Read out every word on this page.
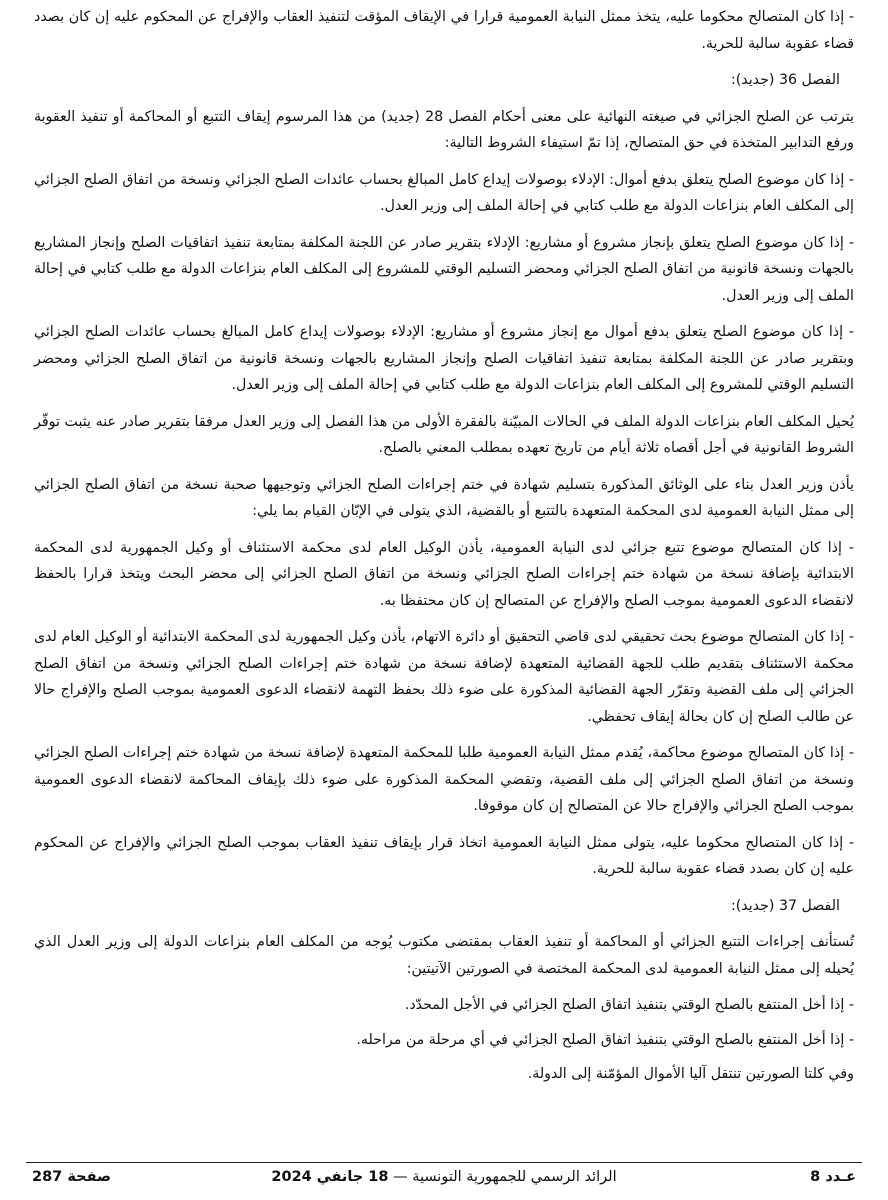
- إذا كان المتصالح محكوما عليه، يتخذ ممثل النيابة العمومية قرارا في الإيقاف المؤقت لتنفيذ العقاب والإفراج عن المحكوم عليه إن كان بصدد قضاء عقوبة سالبة للحرية.

الفصل 36 (جديد):

يترتب عن الصلح الجزائي في صيغته النهائية على معنى أحكام الفصل 28 (جديد) من هذا المرسوم إيقاف التتبع أو المحاكمة أو تنفيذ العقوبة ورفع التدابير المتخذة في حق المتصالح، إذا تمّ استيفاء الشروط التالية:

- إذا كان موضوع الصلح يتعلق بدفع أموال: الإدلاء بوصولات إيداع كامل المبالغ بحساب عائدات الصلح الجزائي ونسخة من اتفاق الصلح الجزائي إلى المكلف العام بنزاعات الدولة مع طلب كتابي في إحالة الملف إلى وزير العدل.

- إذا كان موضوع الصلح يتعلق بإنجاز مشروع أو مشاريع: الإدلاء بتقرير صادر عن اللجنة المكلفة بمتابعة تنفيذ اتفاقيات الصلح وإنجاز المشاريع بالجهات ونسخة قانونية من اتفاق الصلح الجزائي ومحضر التسليم الوقتي للمشروع إلى المكلف العام بنزاعات الدولة مع طلب كتابي في إحالة الملف إلى وزير العدل.

- إذا كان موضوع الصلح يتعلق بدفع أموال مع إنجاز مشروع أو مشاريع: الإدلاء بوصولات إيداع كامل المبالغ بحساب عائدات الصلح الجزائي وبتقرير صادر عن اللجنة المكلفة بمتابعة تنفيذ اتفاقيات الصلح وإنجاز المشاريع بالجهات ونسخة قانونية من اتفاق الصلح الجزائي ومحضر التسليم الوقتي للمشروع إلى المكلف العام بنزاعات الدولة مع طلب كتابي في إحالة الملف إلى وزير العدل.

يُحيل المكلف العام بنزاعات الدولة الملف في الحالات المبيّنة بالفقرة الأولى من هذا الفصل إلى وزير العدل مرفقا بتقرير صادر عنه يثبت توفّر الشروط القانونية في أجل أقصاه ثلاثة أيام من تاريخ تعهده بمطلب المعني بالصلح.

يأذن وزير العدل بناء على الوثائق المذكورة بتسليم شهادة في ختم إجراءات الصلح الجزائي وتوجيهها صحبة نسخة من اتفاق الصلح الجزائي إلى ممثل النيابة العمومية لدى المحكمة المتعهدة بالتتبع أو بالقضية، الذي يتولى في الإبّان القيام بما يلي:

- إذا كان المتصالح موضوع تتبع جزائي لدى النيابة العمومية، يأذن الوكيل العام لدى محكمة الاستئناف أو وكيل الجمهورية لدى المحكمة الابتدائية بإضافة نسخة من شهادة ختم إجراءات الصلح الجزائي ونسخة من اتفاق الصلح الجزائي إلى محضر البحث ويتخذ قرارا بالحفظ لانقضاء الدعوى العمومية بموجب الصلح والإفراج عن المتصالح إن كان محتفظا به.

- إذا كان المتصالح موضوع بحث تحقيقي لدى قاضي التحقيق أو دائرة الاتهام، يأذن وكيل الجمهورية لدى المحكمة الابتدائية أو الوكيل العام لدى محكمة الاستئناف بتقديم طلب للجهة القضائية المتعهدة لإضافة نسخة من شهادة ختم إجراءات الصلح الجزائي ونسخة من اتفاق الصلح الجزائي إلى ملف القضية وتقرّر الجهة القضائية المذكورة على ضوء ذلك بحفظ التهمة لانقضاء الدعوى العمومية بموجب الصلح والإفراج حالا عن طالب الصلح إن كان بحالة إيقاف تحفظي.

- إذا كان المتصالح موضوع محاكمة، يُقدم ممثل النيابة العمومية طلبا للمحكمة المتعهدة لإضافة نسخة من شهادة ختم إجراءات الصلح الجزائي ونسخة من اتفاق الصلح الجزائي إلى ملف القضية، وتقضي المحكمة المذكورة على ضوء ذلك بإيقاف المحاكمة لانقضاء الدعوى العمومية بموجب الصلح الجزائي والإفراج حالا عن المتصالح إن كان موقوفا.

- إذا كان المتصالح محكوما عليه، يتولى ممثل النيابة العمومية اتخاذ قرار بإيقاف تنفيذ العقاب بموجب الصلح الجزائي والإفراج عن المحكوم عليه إن كان بصدد قضاء عقوبة سالبة للحرية.

الفصل 37 (جديد):

تُستأنف إجراءات التتبع الجزائي أو المحاكمة أو تنفيذ العقاب بمقتضى مكتوب يُوجه من المكلف العام بنزاعات الدولة إلى وزير العدل الذي يُحيله إلى ممثل النيابة العمومية لدى المحكمة المختصة في الصورتين الآتيتين:

- إذا أخل المنتفع بالصلح الوقتي بتنفيذ اتفاق الصلح الجزائي في الأجل المحدّد.

- إذا أخل المنتفع بالصلح الوقتي بتنفيذ اتفاق الصلح الجزائي في أي مرحلة من مراحله.

وفي كلتا الصورتين تنتقل آليا الأموال المؤمّنة إلى الدولة.

عـدد 8
الرائد الرسمي للجمهورية التونسية — 18 جانفي 2024
صفحة 287
